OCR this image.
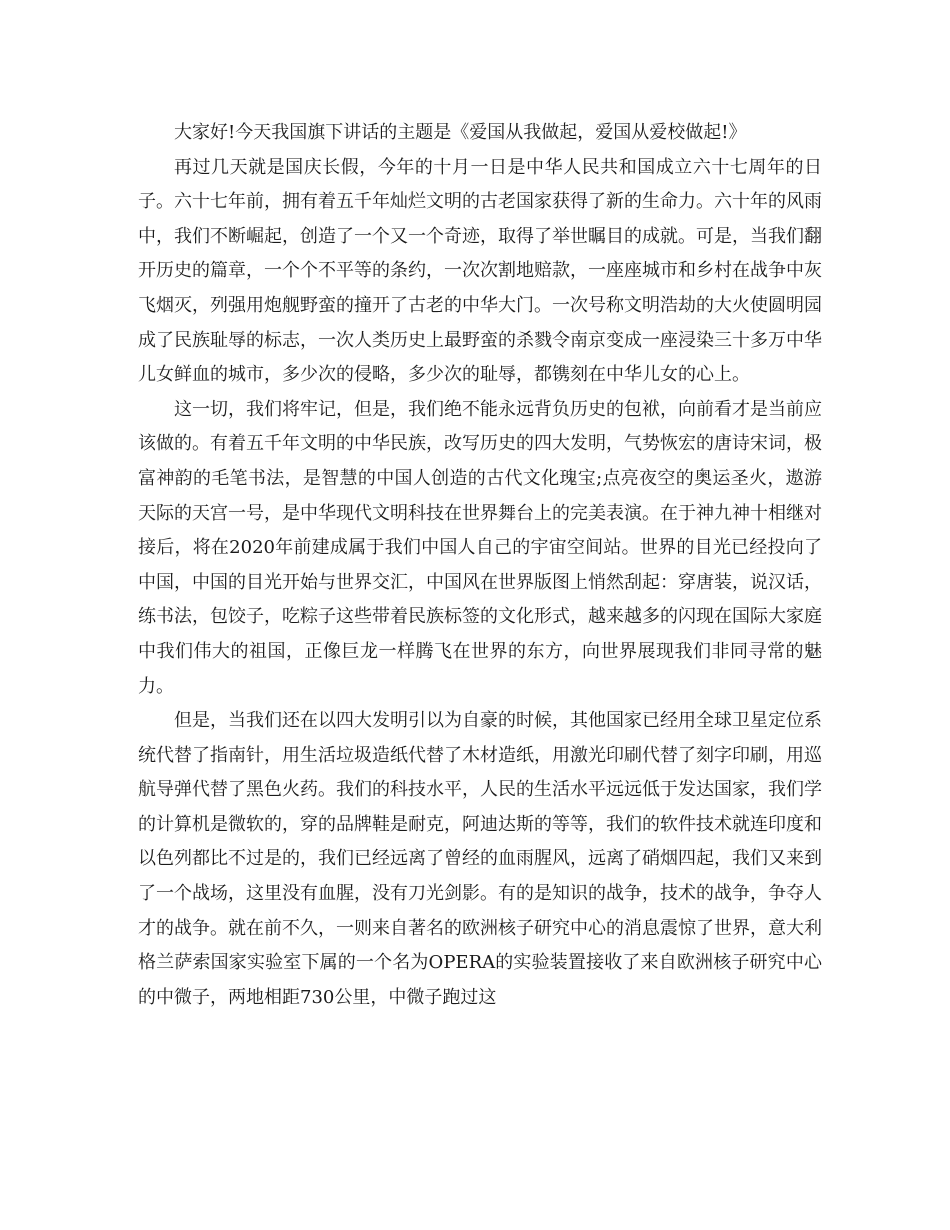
大家好!今天我国旗下讲话的主题是《爱国从我做起，爱国从爱校做起!》

再过几天就是国庆长假，今年的十月一日是中华人民共和国成立六十七周年的日子。六十七年前，拥有着五千年灿烂文明的古老国家获得了新的生命力。六十年的风雨中，我们不断崛起，创造了一个又一个奇迹，取得了举世瞩目的成就。可是，当我们翻开历史的篇章，一个个不平等的条约，一次次割地赔款，一座座城市和乡村在战争中灰飞烟灭，列强用炮舰野蛮的撞开了古老的中华大门。一次号称文明浩劫的大火使圆明园成了民族耻辱的标志，一次人类历史上最野蛮的杀戮令南京变成一座浸染三十多万中华儿女鲜血的城市，多少次的侵略，多少次的耻辱，都镌刻在中华儿女的心上。

这一切，我们将牢记，但是，我们绝不能永远背负历史的包袱，向前看才是当前应该做的。有着五千年文明的中华民族，改写历史的四大发明，气势恢宏的唐诗宋词，极富神韵的毛笔书法，是智慧的中国人创造的古代文化瑰宝;点亮夜空的奥运圣火，遨游天际的天宫一号，是中华现代文明科技在世界舞台上的完美表演。在于神九神十相继对接后，将在2020年前建成属于我们中国人自己的宇宙空间站。世界的目光已经投向了中国，中国的目光开始与世界交汇，中国风在世界版图上悄然刮起：穿唐装，说汉话，练书法，包饺子，吃粽子这些带着民族标签的文化形式，越来越多的闪现在国际大家庭中我们伟大的祖国，正像巨龙一样腾飞在世界的东方，向世界展现我们非同寻常的魅力。

但是，当我们还在以四大发明引以为自豪的时候，其他国家已经用全球卫星定位系统代替了指南针，用生活垃圾造纸代替了木材造纸，用激光印刷代替了刻字印刷，用巡航导弹代替了黑色火药。我们的科技水平，人民的生活水平远远低于发达国家，我们学的计算机是微软的，穿的品牌鞋是耐克，阿迪达斯的等等，我们的软件技术就连印度和以色列都比不过是的，我们已经远离了曾经的血雨腥风，远离了硝烟四起，我们又来到了一个战场，这里没有血腥，没有刀光剑影。有的是知识的战争，技术的战争，争夺人才的战争。就在前不久，一则来自著名的欧洲核子研究中心的消息震惊了世界，意大利格兰萨索国家实验室下属的一个名为OPERA的实验装置接收了来自欧洲核子研究中心的中微子，两地相距730公里，中微子跑过这
